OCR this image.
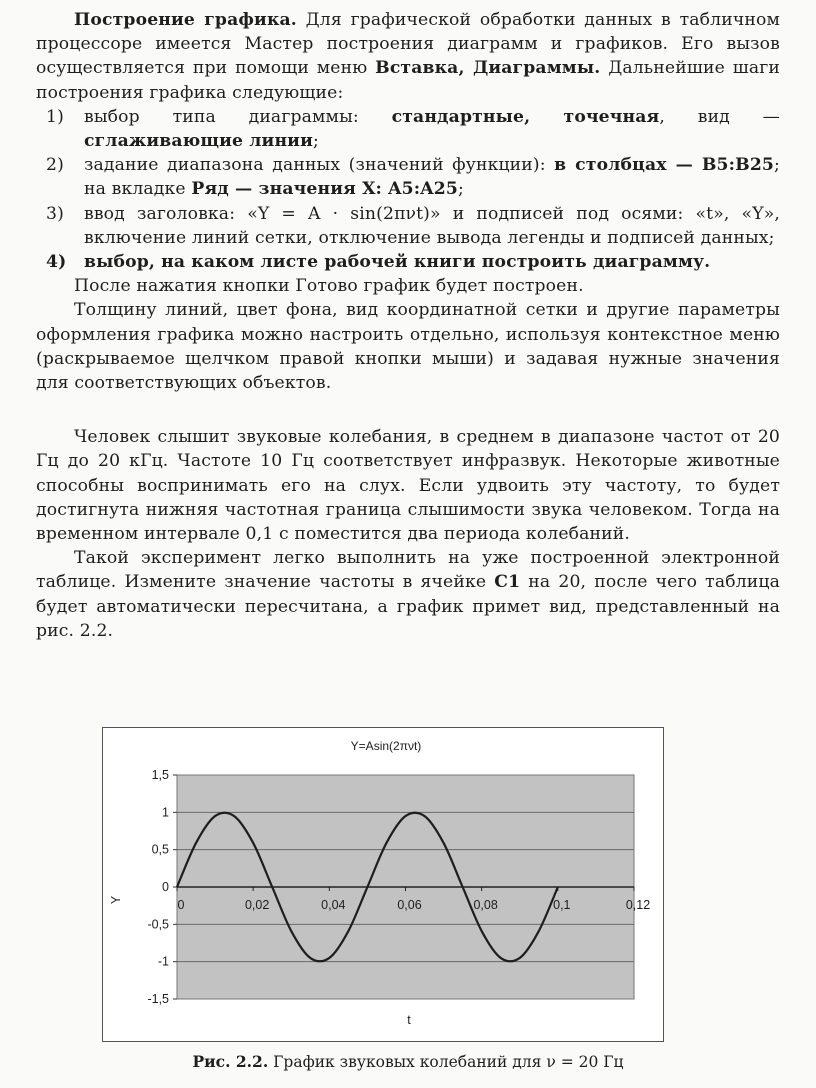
Построение графика. Для графической обработки данных в табличном процессоре имеется Мастер построения диаграмм и графиков. Его вызов осуществляется при помощи меню Вставка, Диаграммы. Дальнейшие шаги построения графика следующие:

1) выбор типа диаграммы: стандартные, точечная, вид — сглаживающие линии;
2) задание диапазона данных (значений функции): в столбцах — B5:B25; на вкладке Ряд — значения X: A5:A25;
3) ввод заголовка: «Y = A · sin(2πνt)» и подписей под осями: «t», «Y», включение линий сетки, отключение вывода легенды и подписей данных;
4) выбор, на каком листе рабочей книги построить диаграмму.

После нажатия кнопки Готово график будет построен.

Толщину линий, цвет фона, вид координатной сетки и другие параметры оформления графика можно настроить отдельно, используя контекстное меню (раскрываемое щелчком правой кнопки мыши) и задавая нужные значения для соответствующих объектов.

Человек слышит звуковые колебания, в среднем в диапазоне частот от 20 Гц до 20 кГц. Частоте 10 Гц соответствует инфразвук. Некоторые животные способны воспринимать его на слух. Если удвоить эту частоту, то будет достигнута нижняя частотная граница слышимости звука человеком. Тогда на временном интервале 0,1 с поместится два периода колебаний.

Такой эксперимент легко выполнить на уже построенной электронной таблице. Измените значение частоты в ячейке C1 на 20, после чего таблица будет автоматически пересчитана, а график примет вид, представленный на рис. 2.2.

Y=Asin(2πνt)
1,5
1
0,5
0
-0,5
-1
-1,5
0	0,02	0,04	0,06	0,08	0,1	0,12
Y
t
Рис. 2.2. График звуковых колебаний для ν = 20 Гц
